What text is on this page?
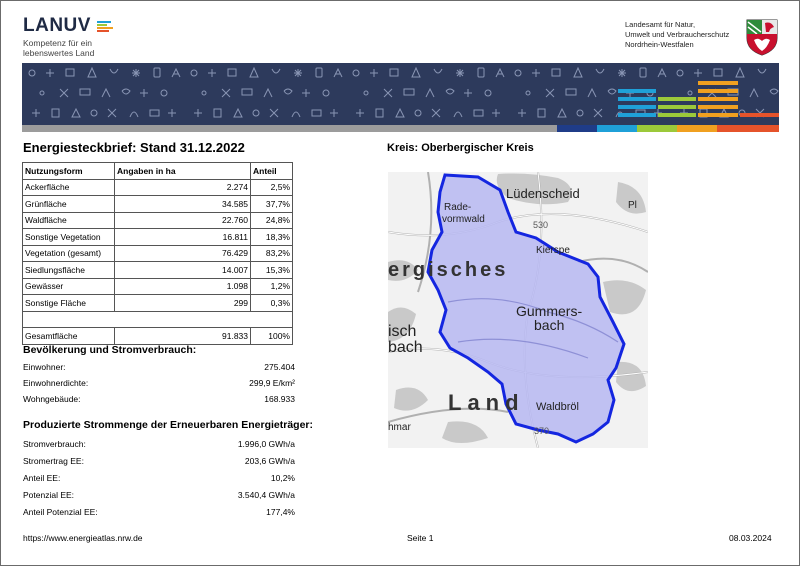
LANUV
Kompetenz für ein
lebenswertes Land
Landesamt für Natur,
Umwelt und Verbraucherschutz
Nordrhein-Westfalen
Energiesteckbrief: Stand 31.12.2022	Kreis: Oberbergischer Kreis
Nutzungsform	Angaben in ha	Anteil
Ackerfläche	2.274	2,5%
Grünfläche	34.585	37,7%
Waldfläche	22.760	24,8%
Sonstige Vegetation	16.811	18,3%
Vegetation (gesamt)	76.429	83,2%
Siedlungsfläche	14.007	15,3%
Gewässer	1.098	1,2%
Sonstige Fläche	299	0,3%

Gesamtfläche	91.833	100%
Bevölkerung und Stromverbrauch:
Einwohner:	275.404
Einwohnerdichte:	299,9 E/km²
Wohngebäude:	168.933
Produzierte Strommenge der Erneuerbaren Energieträger:
Stromverbrauch:	1.996,0 GWh/a
Stromertrag EE:	203,6 GWh/a
Anteil EE:	10,2%
Potenzial EE:	3.540,4 GWh/a
Anteil Potenzial EE:	177,4%
Lüdenscheid
Rade-
vormwald	530
Kierspe
ergisches
Gummers-
bach
isch
bach
Land Waldbröl
370
hmar
Pl
https://www.energieatlas.nrw.de	Seite 1	08.03.2024
